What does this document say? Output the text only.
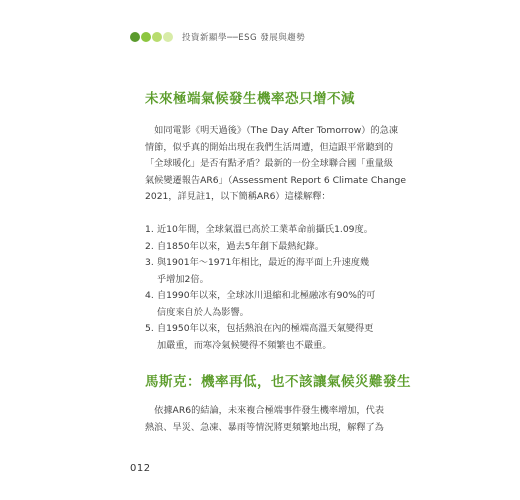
投資新顯學──ESG 發展與趨勢
未來極端氣候發生機率恐只增不減
　如同電影《明天過後》（The Day After Tomorrow）的急凍
情節，似乎真的開始出現在我們生活周遭，但這跟平常聽到的
「全球暖化」是否有點矛盾？最新的一份全球聯合國「重量級
氣候變遷報告AR6」（Assessment Report 6 Climate Change
2021，詳見註1，以下簡稱AR6）這樣解釋：
1. 近10年間，全球氣溫已高於工業革命前攝氏1.09度。
2. 自1850年以來，過去5年創下最熱紀錄。
3. 與1901年～1971年相比，最近的海平面上升速度幾
乎增加2倍。
4. 自1990年以來，全球冰川退縮和北極融冰有90%的可
信度來自於人為影響。
5. 自1950年以來，包括熱浪在內的極端高溫天氣變得更
加嚴重，而寒冷氣候變得不頻繁也不嚴重。
馬斯克：機率再低，也不該讓氣候災難發生
　依據AR6的結論，未來複合極端事件發生機率增加，代表
熱浪、旱災、急凍、暴雨等情況將更頻繁地出現，解釋了為
012
